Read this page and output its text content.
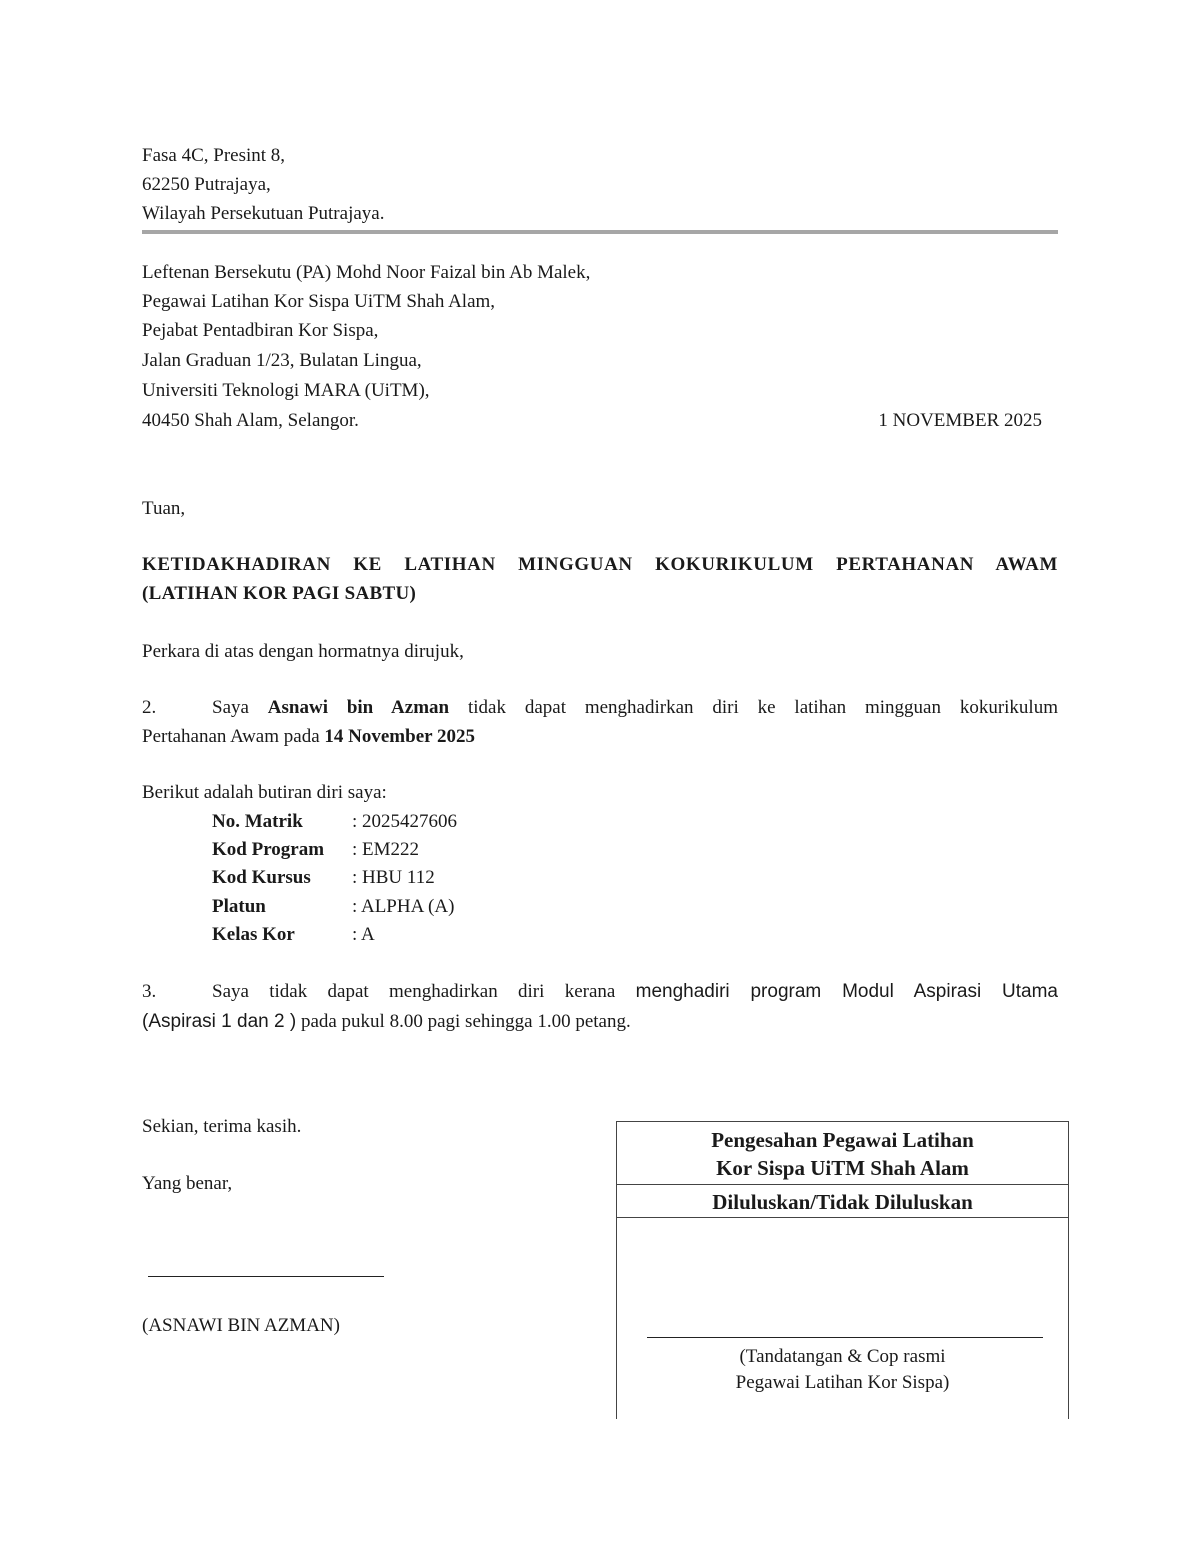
Fasa 4C, Presint 8,
62250 Putrajaya,
Wilayah Persekutuan Putrajaya.
Leftenan Bersekutu (PA) Mohd Noor Faizal bin Ab Malek,
Pegawai Latihan Kor Sispa UiTM Shah Alam,
Pejabat Pentadbiran Kor Sispa,
Jalan Graduan 1/23, Bulatan Lingua,
Universiti Teknologi MARA (UiTM),
40450 Shah Alam, Selangor.	1 NOVEMBER 2025
Tuan,
KETIDAKHADIRAN KE LATIHAN MINGGUAN KOKURIKULUM PERTAHANAN AWAM
(LATIHAN KOR PAGI SABTU)
Perkara di atas dengan hormatnya dirujuk,
2.	Saya Asnawi bin Azman tidak dapat menghadirkan diri ke latihan mingguan kokurikulum
Pertahanan Awam pada 14 November 2025
Berikut adalah butiran diri saya:
No. Matrik	: 2025427606
Kod Program : EM222
Kod Kursus : HBU 112
Platun	: ALPHA (A)
Kelas Kor	: A
3.	Saya tidak dapat menghadirkan diri kerana menghadiri program Modul Aspirasi Utama
(Aspirasi 1 dan 2 ) pada pukul 8.00 pagi sehingga 1.00 petang.
Sekian, terima kasih.
Yang benar,
(ASNAWI BIN AZMAN)
Pengesahan Pegawai Latihan
Kor Sispa UiTM Shah Alam
Diluluskan/Tidak Diluluskan
(Tandatangan & Cop rasmi
Pegawai Latihan Kor Sispa)
